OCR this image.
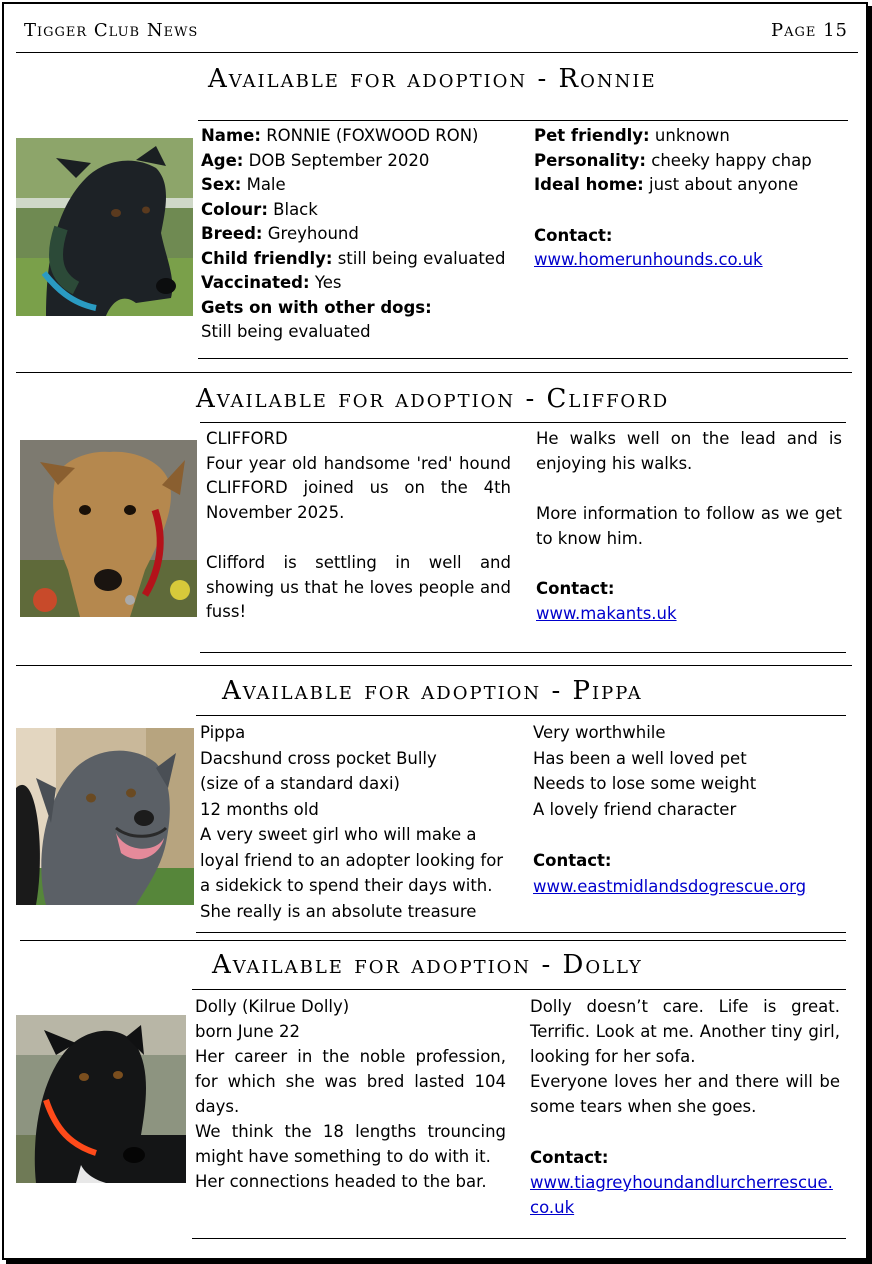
Tigger Club News	Page 15
Available for adoption - Ronnie

Name: RONNIE (FOXWOOD RON)

Age: DOB September 2020

Sex: Male

Colour: Black

Breed: Greyhound

Child friendly: still being evaluated

Vaccinated: Yes

Gets on with other dogs:

Still being evaluated

Pet friendly: unknown

Personality: cheeky happy chap

Ideal home: just about anyone

Contact:

www.homerunhounds.co.uk

Available for adoption - Clifford

CLIFFORD

Four year old handsome 'red' hound CLIFFORD joined us on the 4th November 2025.

Clifford is settling in well and showing us that he loves people and fuss!

He walks well on the lead and is enjoying his walks.

More information to follow as we get to know him.

Contact:

www.makants.uk

Available for adoption - Pippa

Pippa

Dacshund cross pocket Bully

(size of a standard daxi)

12 months old

A very sweet girl who will make a loyal friend to an adopter looking for a sidekick to spend their days with. She really is an absolute treasure

Very worthwhile

Has been a well loved pet

Needs to lose some weight

A lovely friend character

Contact:

www.eastmidlandsdogrescue.org

Available for adoption - Dolly

Dolly (Kilrue Dolly)

born June 22

Her career in the noble profession, for which she was bred lasted 104 days.

We think the 18 lengths trouncing might have something to do with it.

Her connections headed to the bar.

Dolly doesn’t care. Life is great. Terrific. Look at me. Another tiny girl, looking for her sofa.

Everyone loves her and there will be some tears when she goes.

Contact:

www.tiagreyhoundandlurcherrescue.co.uk
